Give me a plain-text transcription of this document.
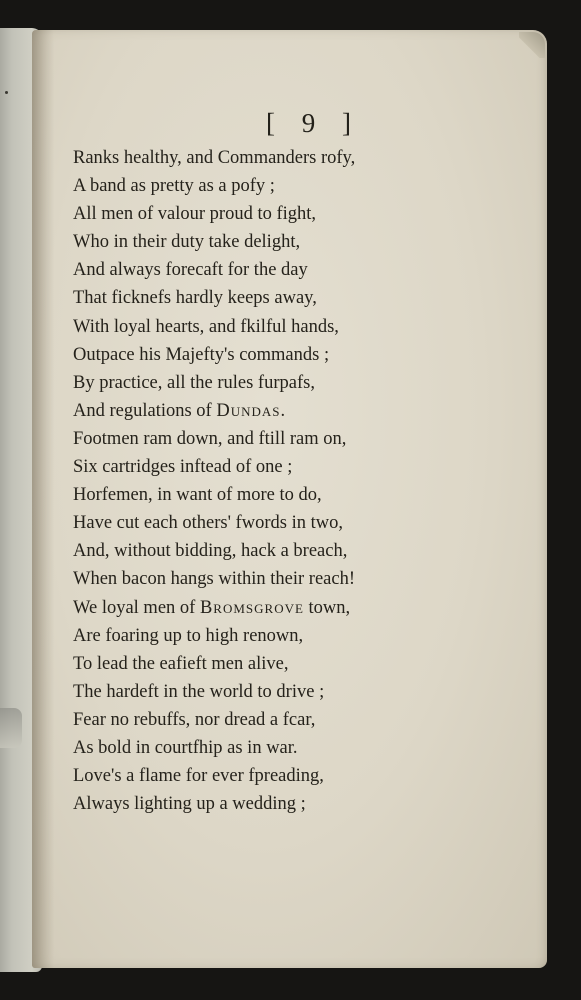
[ 9 ]
Ranks healthy, and Commanders rofy,
A band as pretty as a pofy ;
All men of valour proud to fight,
Who in their duty take delight,
And always forecaft for the day
That ficknefs hardly keeps away,
With loyal hearts, and fkilful hands,
Outpace his Majefty's commands ;
By practice, all the rules furpafs,
And regulations of Dundas.
Footmen ram down, and ftill ram on,
Six cartridges inftead of one ;
Horfemen, in want of more to do,
Have cut each others' fwords in two,
And, without bidding, hack a breach,
When bacon hangs within their reach!
We loyal men of Bromsgrove town,
Are foaring up to high renown,
To lead the eafieft men alive,
The hardeft in the world to drive ;
Fear no rebuffs, nor dread a fcar,
As bold in courtfhip as in war.
Love's a flame for ever fpreading,
Always lighting up a wedding ;
